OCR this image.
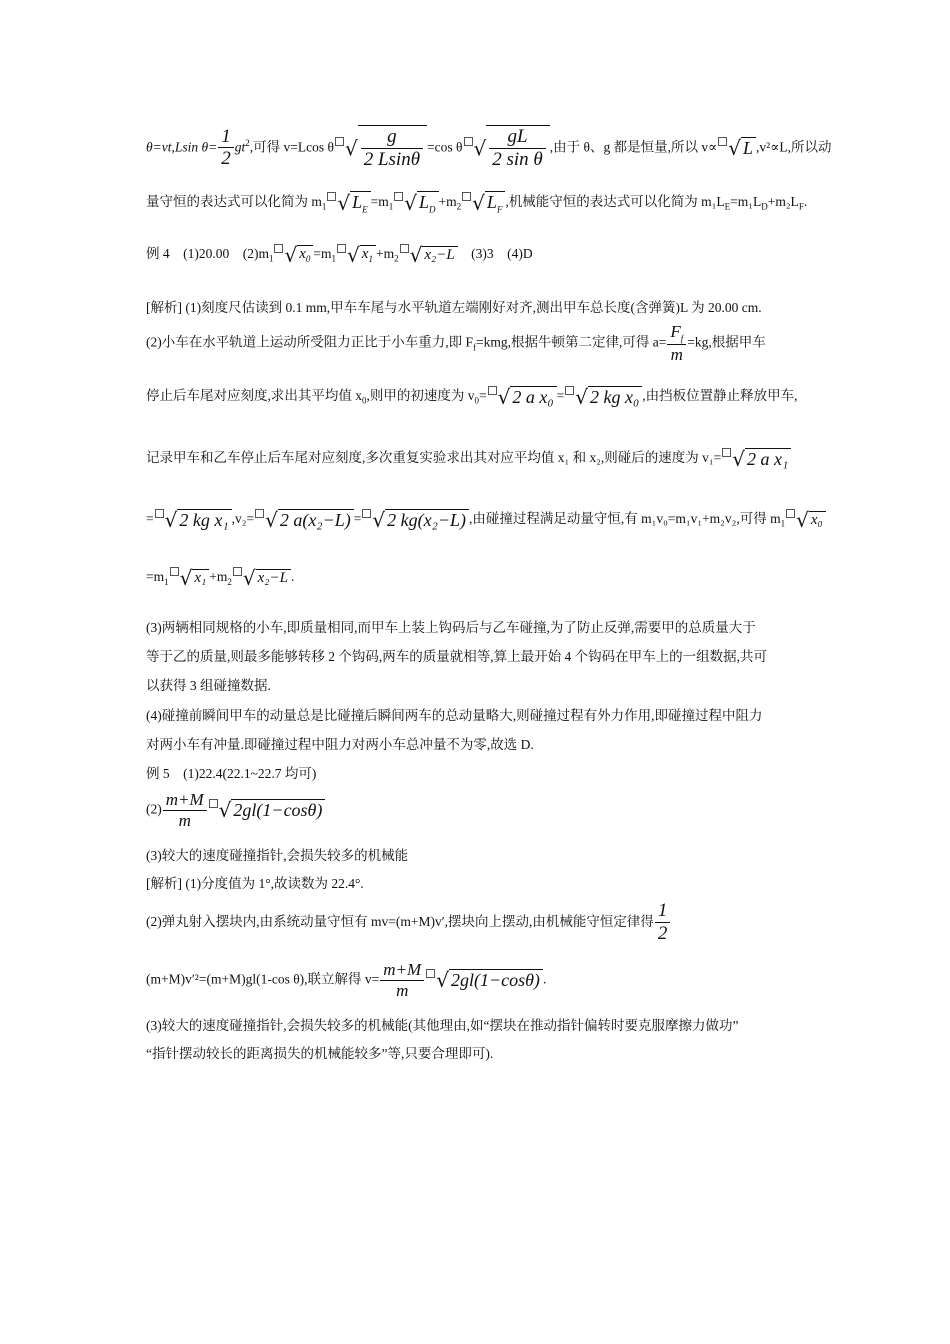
θ=vt,Lsin $\theta= \frac{1}{2} gt^2$,可得 v=Lcos θ √ $\frac{g}{2 Lsin\theta} =\cos$ θ √ $\frac{gL}{\text{2 sin θ}}$ ,由于 θ、g 都是恒量,所以 v∝ √ L ,v²∝L,所以动
量守恒的表达式可以化简为 $m_1$ √ $L_E=m_1$ √ $L_D+m_2$ √ $L_F$,机械能守恒的表达式可以化简为 $m_1L_E=m_1L_D+m_2L_F$.
例 4　(1)20.00　$(2)m_1$ √ $x_0 =m_1$ √ $x_1 +m_2$ √ x₂−L　(3)3　(4)D
[解析] (1)刻度尺估读到 0.1 mm,甲车车尾与水平轨道左端刚好对齐,测出甲车总长度(含弹簧)L 为 20.00 cm.
(2)小车在水平轨道上运动所受阻力正比于小车重力,即 $F_f=kmg$,根据牛顿第二定律,可得 $a= \frac{F_f}{m} =kg$,根据甲车
停止后车尾对应刻度,求出其平均值 $x_0$,则甲的初速度为 $v_0=$ √ 2 a x₀ = √ 2 kg x₀ ,由挡板位置静止释放甲车,
记录甲车和乙车停止后车尾对应刻度,多次重复实验求出其对应平均值 x₁ 和 x₂,则碰后的速度为 v₁= √ 2 a x₁
= √ 2 kg x₁ ,v₂= √ 2 a(x₂−L) = √ 2 kg(x₂−L) ,由碰撞过程满足动量守恒,有 m₁v₀=m₁v₁+m₂v₂,可得 $m_1$ √ x₀
$=m_1$ √ $x_1 +m_2$ √ x₂−L .
(3)两辆相同规格的小车,即质量相同,而甲车上装上钩码后与乙车碰撞,为了防止反弹,需要甲的总质量大于
等于乙的质量,则最多能够转移 2 个钩码,两车的质量就相等,算上最开始 4 个钩码在甲车上的一组数据,共可
以获得 3 组碰撞数据.
(4)碰撞前瞬间甲车的动量总是比碰撞后瞬间两车的总动量略大,则碰撞过程有外力作用,即碰撞过程中阻力
对两小车有冲量.即碰撞过程中阻力对两小车总冲量不为零,故选 D.
例 5　(1)22.4(22.1~22.7 均可)
$(2) \frac{m+M}{m}$ √ 2gl(1−cosθ)
(3)较大的速度碰撞指针,会损失较多的机械能
[解析] (1)分度值为 1°,故读数为 22.4°.
(2)弹丸射入摆块内,由系统动量守恒有 mv=(m+M)v′,摆块向上摆动,由机械能守恒定律得 $\frac{1}{2}$
(m+M)v′²=(m+M)gl(1-cos θ),联立解得 $v= \frac{m+M}{m}$ √ 2gl(1−cosθ) .
(3)较大的速度碰撞指针,会损失较多的机械能(其他理由,如“摆块在推动指针偏转时要克服摩擦力做功”
“指针摆动较长的距离损失的机械能较多”等,只要合理即可).
